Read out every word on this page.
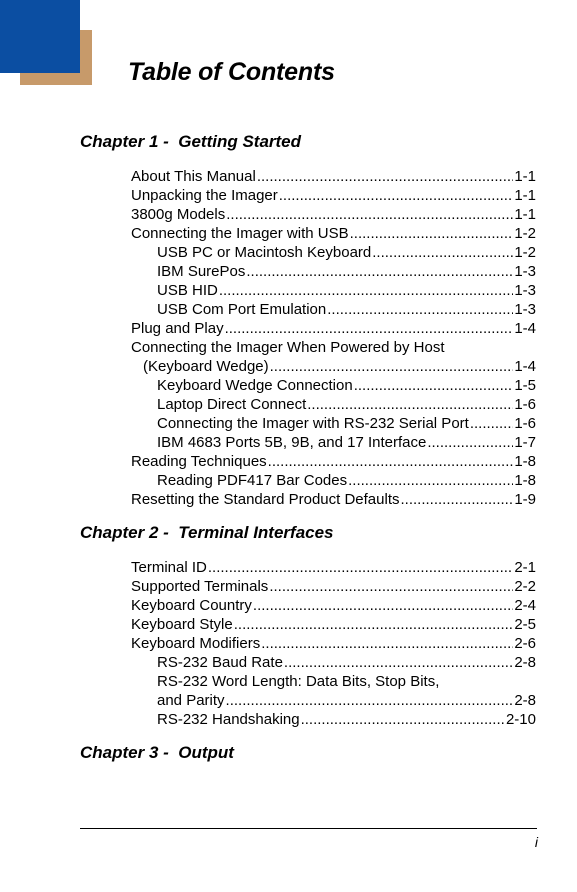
Table of Contents
Chapter 1 -  Getting Started
About This Manual .....	1-1
Unpacking the Imager .....	1-1
3800g Models .....	1-1
Connecting the Imager with USB .....	1-2
USB PC or Macintosh Keyboard .....	1-2
IBM SurePos .....	1-3
USB HID .....	1-3
USB Com Port Emulation .....	1-3
Plug and Play .....	1-4
Connecting the Imager When Powered by Host
(Keyboard Wedge) .....	1-4
Keyboard Wedge Connection .....	1-5
Laptop Direct Connect .....	1-6
Connecting the Imager with RS-232 Serial Port .....	1-6
IBM 4683 Ports 5B, 9B, and 17 Interface .....	1-7
Reading Techniques .....	1-8
Reading PDF417 Bar Codes .....	1-8
Resetting the Standard Product Defaults .....	1-9
Chapter 2 -  Terminal Interfaces
Terminal ID .....	2-1
Supported Terminals .....	2-2
Keyboard Country .....	2-4
Keyboard Style .....	2-5
Keyboard Modifiers .....	2-6
RS-232 Baud Rate .....	2-8
RS-232 Word Length: Data Bits, Stop Bits,
and Parity .....	2-8
RS-232 Handshaking .....	2-10
Chapter 3 -  Output
i
